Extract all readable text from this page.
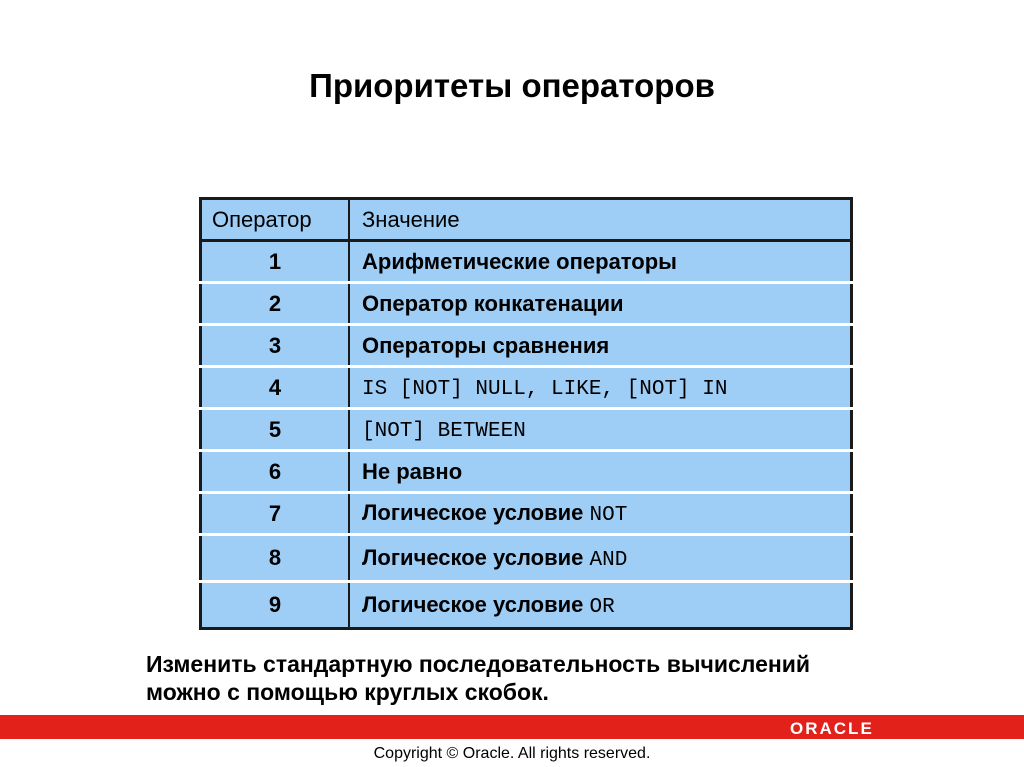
Приоритеты операторов
Оператор	Значение
1	Арифметические операторы
2	Оператор конкатенации
3	Операторы сравнения
4	IS [NOT] NULL, LIKE, [NOT] IN
5	[NOT] BETWEEN
6	Не равно
7	Логическое условие NOT
8	Логическое условие AND
9	Логическое условие OR
Изменить стандартную последовательность вычислений
можно с помощью круглых скобок.
ORACLE
Copyright © Oracle. All rights reserved.
